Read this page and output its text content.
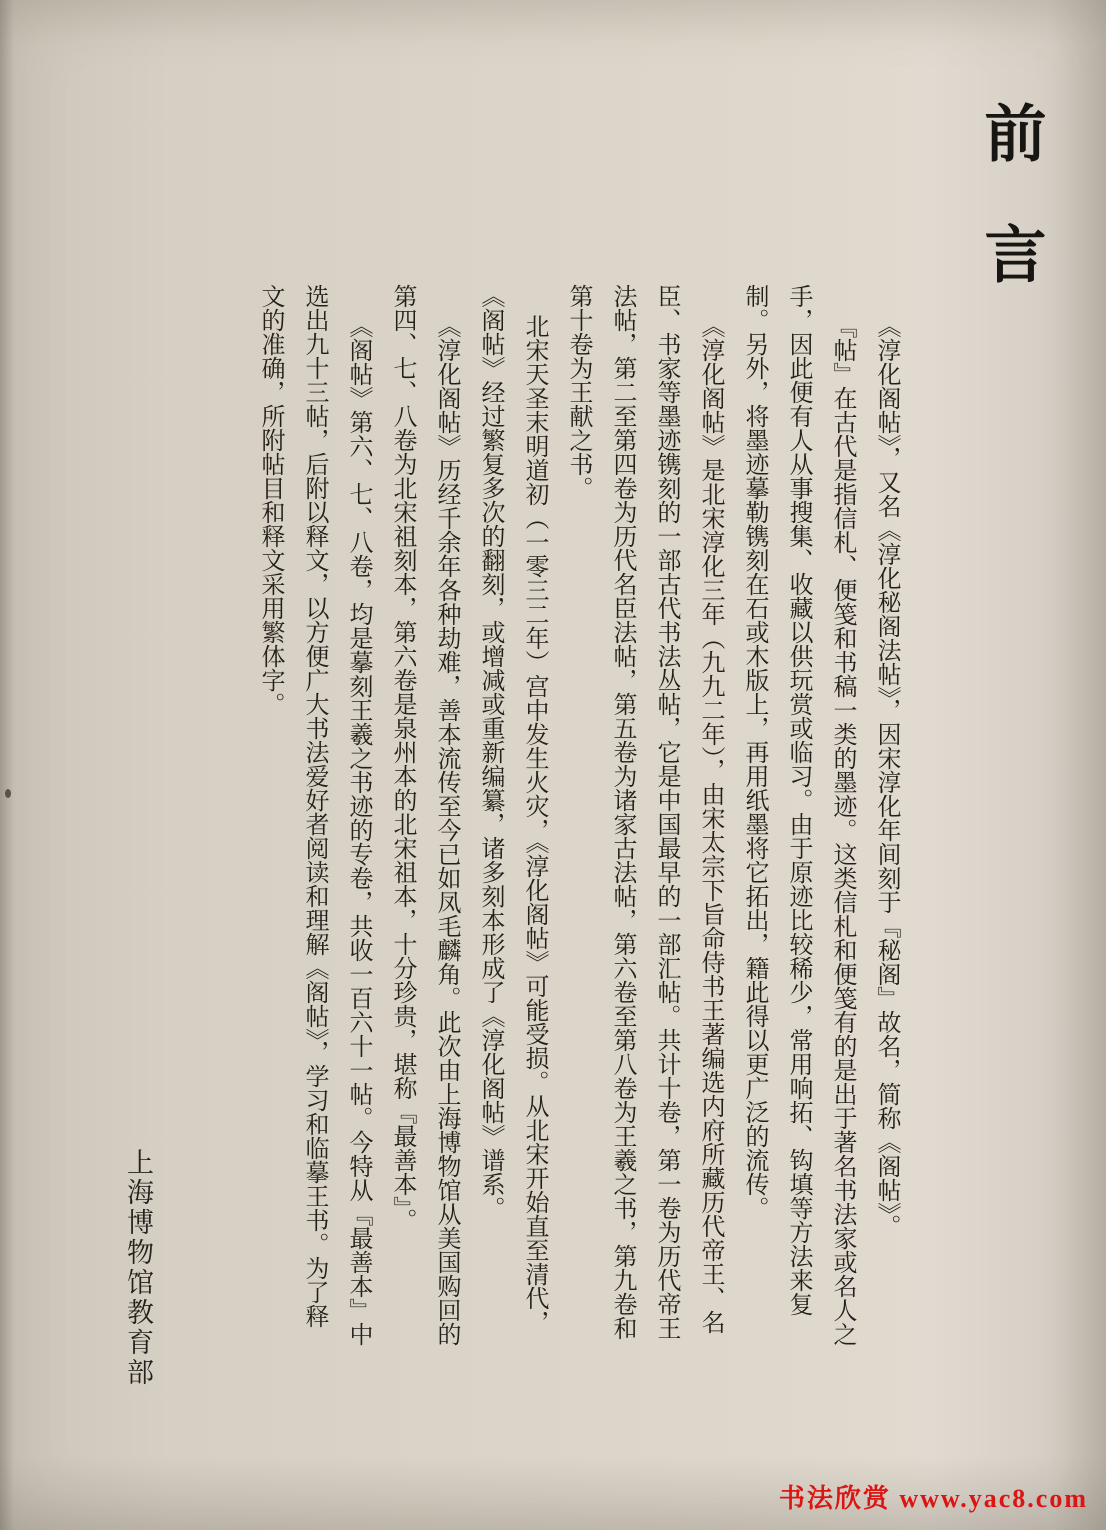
前言

《淳化阁帖》，又名《淳化秘阁法帖》，因宋淳化年间刻于『秘阁』故名，简称《阁帖》。

『帖』在古代是指信札、便笺和书稿一类的墨迹。这类信札和便笺有的是出于著名书法家或名人之手，因此便有人从事搜集、收藏以供玩赏或临习。由于原迹比较稀少，常用响拓、钩填等方法来复制。另外，将墨迹摹勒镌刻在石或木版上，再用纸墨将它拓出，籍此得以更广泛的流传。

《淳化阁帖》是北宋淳化三年（九九二年），由宋太宗下旨命侍书王著编选内府所藏历代帝王、名臣、书家等墨迹镌刻的一部古代书法丛帖，它是中国最早的一部汇帖。共计十卷，第一卷为历代帝王法帖，第二至第四卷为历代名臣法帖，第五卷为诸家古法帖，第六卷至第八卷为王羲之书，第九卷和第十卷为王献之书。

北宋天圣末明道初（一零三二年）宫中发生火灾，《淳化阁帖》可能受损。从北宋开始直至清代，《阁帖》经过繁复多次的翻刻，或增减或重新编纂，诸多刻本形成了《淳化阁帖》谱系。

《淳化阁帖》历经千余年各种劫难，善本流传至今已如凤毛麟角。此次由上海博物馆从美国购回的第四、七、八卷为北宋祖刻本，第六卷是泉州本的北宋祖本，十分珍贵，堪称『最善本』。

《阁帖》第六、七、八卷，均是摹刻王羲之书迹的专卷，共收一百六十一帖。今特从『最善本』中选出九十三帖，后附以释文，以方便广大书法爱好者阅读和理解《阁帖》，学习和临摹王书。为了释文的准确，所附帖目和释文采用繁体字。

上海博物馆教育部
书法欣赏 www.yac8.com
